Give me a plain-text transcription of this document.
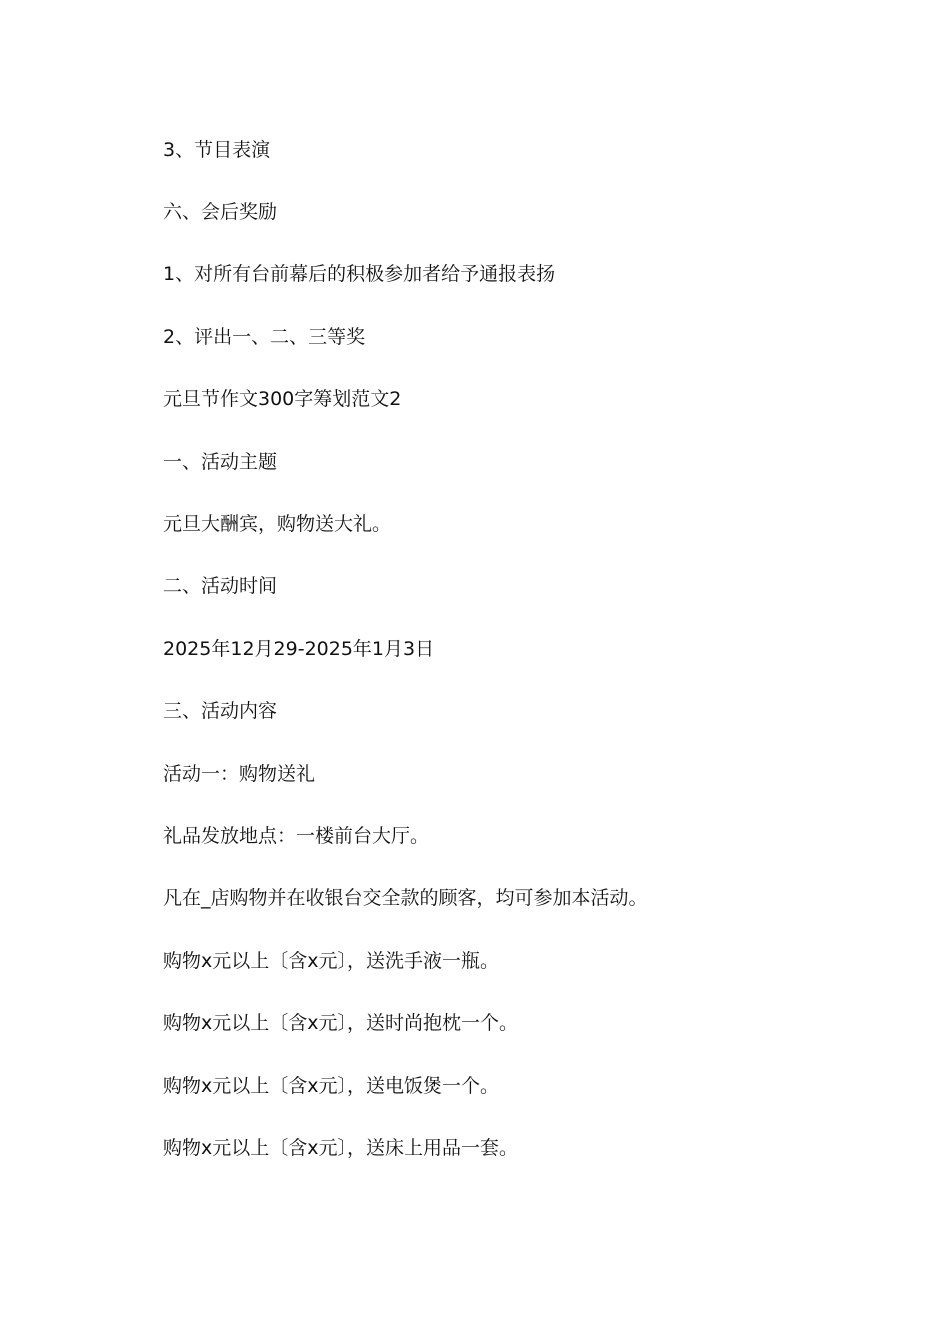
3、节目表演
六、会后奖励
1、对所有台前幕后的积极参加者给予通报表扬
2、评出一、二、三等奖
元旦节作文300字筹划范文2
一、活动主题
元旦大酬宾，购物送大礼。
二、活动时间
2025年12月29-2025年1月3日
三、活动内容
活动一：购物送礼
礼品发放地点：一楼前台大厅。
凡在_店购物并在收银台交全款的顾客，均可参加本活动。
购物x元以上〔含x元〕，送洗手液一瓶。
购物x元以上〔含x元〕，送时尚抱枕一个。
购物x元以上〔含x元〕，送电饭煲一个。
购物x元以上〔含x元〕，送床上用品一套。
